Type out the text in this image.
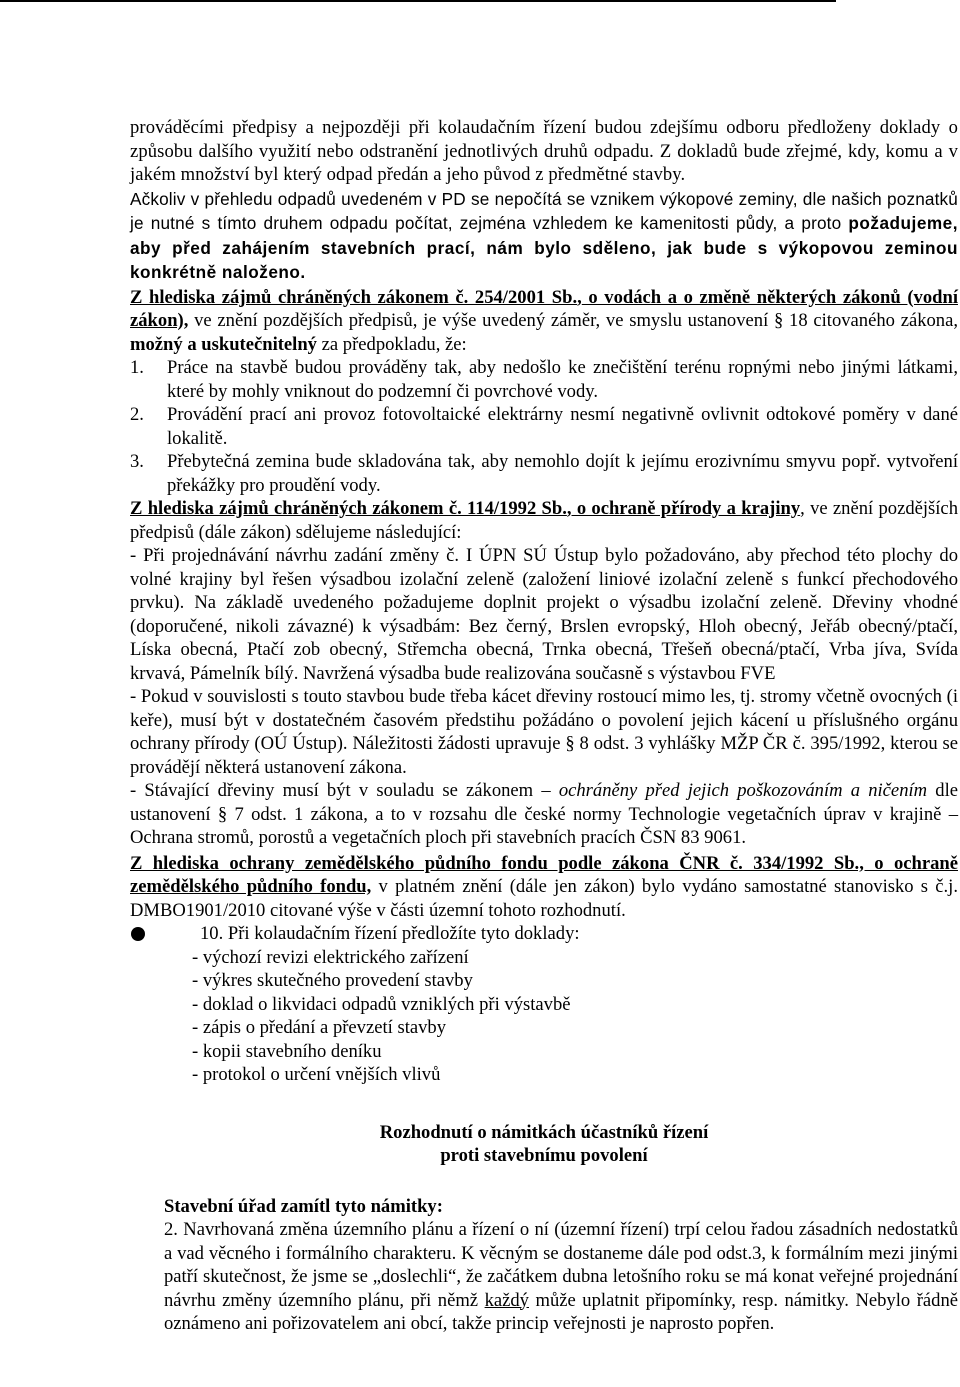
prováděcími předpisy a nejpozději při kolaudačním řízení budou zdejšímu odboru předloženy doklady o způsobu dalšího využití nebo odstranění jednotlivých druhů odpadu. Z dokladů bude zřejmé, kdy, komu a v jakém množství byl který odpad předán a jeho původ z předmětné stavby.

Ačkoliv v přehledu odpadů uvedeném v PD se nepočítá se vznikem výkopové zeminy, dle našich poznatků je nutné s tímto druhem odpadu počítat, zejména vzhledem ke kamenitosti půdy, a proto požadujeme, aby před zahájením stavebních prací, nám bylo sděleno, jak bude s výkopovou zeminou konkrétně naloženo.

Z hlediska zájmů chráněných zákonem č. 254/2001 Sb., o vodách a o změně některých zákonů (vodní zákon), ve znění pozdějších předpisů, je výše uvedený záměr, ve smyslu ustanovení § 18 citovaného zákona, možný a uskutečnitelný za předpokladu, že:

1.	Práce na stavbě budou prováděny tak, aby nedošlo ke znečištění terénu ropnými nebo jinými látkami, které by mohly vniknout do podzemní či povrchové vody.
2.	Provádění prací ani provoz fotovoltaické elektrárny nesmí negativně ovlivnit odtokové poměry v dané lokalitě.
3.	Přebytečná zemina bude skladována tak, aby nemohlo dojít k jejímu erozivnímu smyvu popř. vytvoření překážky pro proudění vody.

Z hlediska zájmů chráněných zákonem č. 114/1992 Sb., o ochraně přírody a krajiny, ve znění pozdějších předpisů (dále zákon) sdělujeme následující:

- Při projednávání návrhu zadání změny č. I ÚPN SÚ Ústup bylo požadováno, aby přechod této plochy do volné krajiny byl řešen výsadbou izolační zeleně (založení liniové izolační zeleně s funkcí přechodového prvku). Na základě uvedeného požadujeme doplnit projekt o výsadbu izolační zeleně. Dřeviny vhodné (doporučené, nikoli závazné) k výsadbám: Bez černý, Brslen evropský, Hloh obecný, Jeřáb obecný/ptačí, Líska obecná, Ptačí zob obecný, Střemcha obecná, Trnka obecná, Třešeň obecná/ptačí, Vrba jíva, Svída krvavá, Pámelník bílý. Navržená výsadba bude realizována současně s výstavbou FVE

- Pokud v souvislosti s touto stavbou bude třeba kácet dřeviny rostoucí mimo les, tj. stromy včetně ovocných (i keře), musí být v dostatečném časovém předstihu požádáno o povolení jejich kácení u příslušného orgánu ochrany přírody (OÚ Ústup). Náležitosti žádosti upravuje § 8 odst. 3 vyhlášky MŽP ČR č. 395/1992, kterou se provádějí některá ustanovení zákona.

- Stávající dřeviny musí být v souladu se zákonem – ochráněny před jejich poškozováním a ničením dle ustanovení § 7 odst. 1 zákona, a to v rozsahu dle české normy Technologie vegetačních úprav v krajině – Ochrana stromů, porostů a vegetačních ploch při stavebních pracích ČSN 83 9061.

Z hlediska ochrany zemědělského půdního fondu podle zákona ČNR č. 334/1992 Sb., o ochraně zemědělského půdního fondu, v platném znění (dále jen zákon) bylo vydáno samostatné stanovisko s č.j. DMBO1901/2010 citované výše v části územní tohoto rozhodnutí.

10. Při kolaudačním řízení předložíte tyto doklady:
- výchozí revizi elektrického zařízení
- výkres skutečného provedení stavby
- doklad o likvidaci odpadů vzniklých při výstavbě
- zápis o předání a převzetí stavby
- kopii stavebního deníku
- protokol o určení vnějších vlivů

Rozhodnutí o námitkách účastníků řízení

proti stavebnímu povolení

Stavební úřad zamítl tyto námitky:

2. Navrhovaná změna územního plánu a řízení o ní (územní řízení) trpí celou řadou zásadních nedostatků a vad věcného i formálního charakteru. K věcným se dostaneme dále pod odst.3, k formálním mezi jinými patří skutečnost, že jsme se „doslechli“, že začátkem dubna letošního roku se má konat veřejné projednání návrhu změny územního plánu, při němž každý může uplatnit připomínky, resp. námitky. Nebylo řádně oznámeno ani pořizovatelem ani obcí, takže princip veřejnosti je naprosto popřen.
